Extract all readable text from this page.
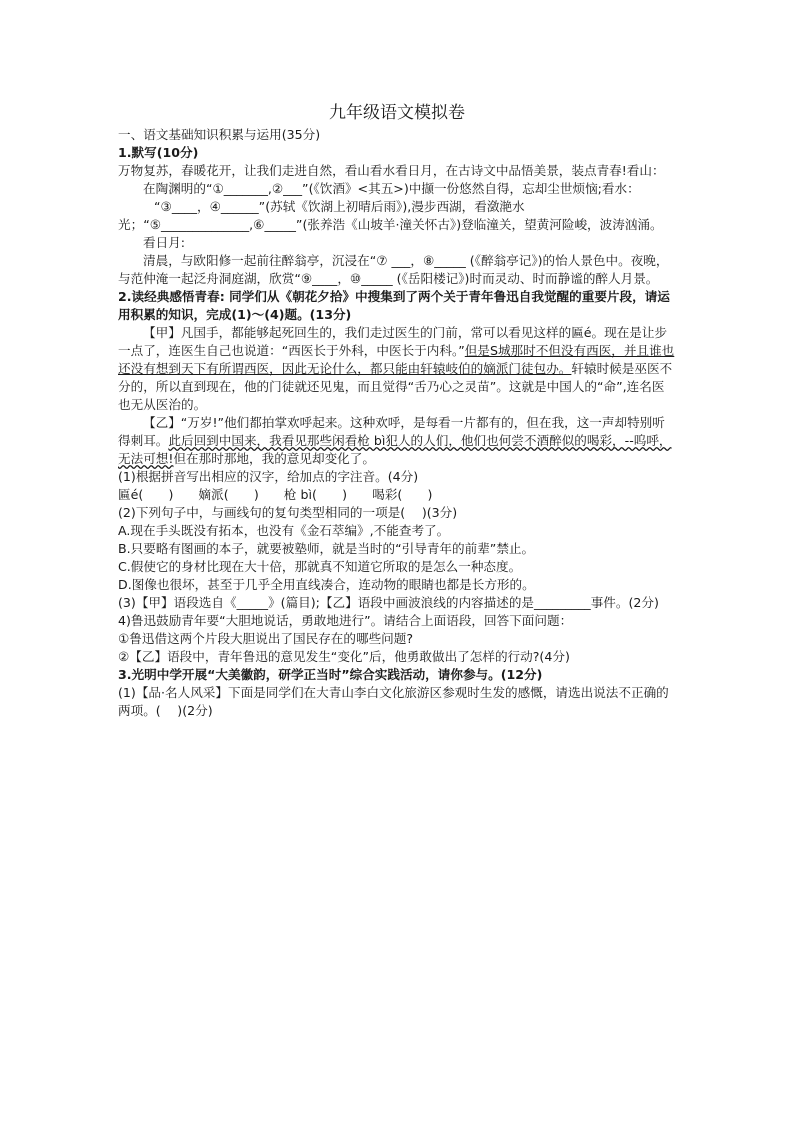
九年级语文模拟卷

一、语文基础知识积累与运用(35分)

1.默写(10分)

万物复苏，春暖花开，让我们走进自然，看山看水看日月，在古诗文中品悟美景，装点青春!看山：

在陶渊明的“①_______,②___”(《饮酒》<其五>)中撷一份悠然自得，忘却尘世烦恼;看水：

“③____，④______”(苏轼《饮湖上初晴后雨》),漫步西湖，看潋滟水光；“⑤______________,⑥_____”(张养浩《山坡羊·潼关怀古》)登临潼关，望黄河险峻，波涛汹涌。

看日月:

清晨，与欧阳修一起前往醉翁亭，沉浸在“⑦ ___，⑧_____ (《醉翁亭记》)的怡人景色中。夜晚，与范仲淹一起泛舟洞庭湖，欣赏“⑨____，⑩_____ (《岳阳楼记》)时而灵动、时而静谧的醉人月景。

2.读经典感悟青春: 同学们从《朝花夕拾》中搜集到了两个关于青年鲁迅自我觉醒的重要片段，请运用积累的知识，完成(1)～(4)题。(13分)

【甲】凡国手，都能够起死回生的，我们走过医生的门前，常可以看见这样的匾é。现在是让步一点了，连医生自己也说道：“西医长于外科，中医长于内科。”但是S城那时不但没有西医，并且谁也还没有想到天下有所谓西医，因此无论什么，都只能由轩辕岐伯的嫡派门徒包办。轩辕时候是巫医不分的，所以直到现在，他的门徒就还见鬼，而且觉得“舌乃心之灵苗”。这就是中国人的“命”,连名医也无从医治的。

【乙】“万岁!”他们都拍掌欢呼起来。这种欢呼，是每看一片都有的，但在我，这一声却特别听得刺耳。此后回到中国来，我看见那些闲看枪 bì犯人的人们，他们也何尝不酒醉似的喝彩，--呜呼，无法可想!但在那时那地，我的意见却变化了。

(1)根据拼音写出相应的汉字，给加点的字注音。(4分)

匾é(　　)　　嫡派(　　)　　枪 bì(　　)　　喝彩(　　)

(2)下列句子中，与画线句的复句类型相同的一项是(　 )(3分)

A.现在手头既没有拓本，也没有《金石萃编》,不能查考了。

B.只要略有图画的本子，就要被塾师，就是当时的“引导青年的前辈”禁止。

C.假使它的身材比现在大十倍，那就真不知道它所取的是怎么一种态度。

D.图像也很坏，甚至于几乎全用直线凑合，连动物的眼睛也都是长方形的。

(3)【甲】语段选自《_____》(篇目);【乙】语段中画波浪线的内容描述的是_________事件。(2分)

4)鲁迅鼓励青年要“大胆地说话，勇敢地进行”。请结合上面语段，回答下面问题：

①鲁迅借这两个片段大胆说出了国民存在的哪些问题?

②【乙】语段中，青年鲁迅的意见发生“变化”后，他勇敢做出了怎样的行动?(4分)

3.光明中学开展“大美徽韵，研学正当时”综合实践活动，请你参与。(12分)

(1)【品·名人风采】下面是同学们在大青山李白文化旅游区参观时生发的感慨，请选出说法不正确的两项。(　 )(2分)
